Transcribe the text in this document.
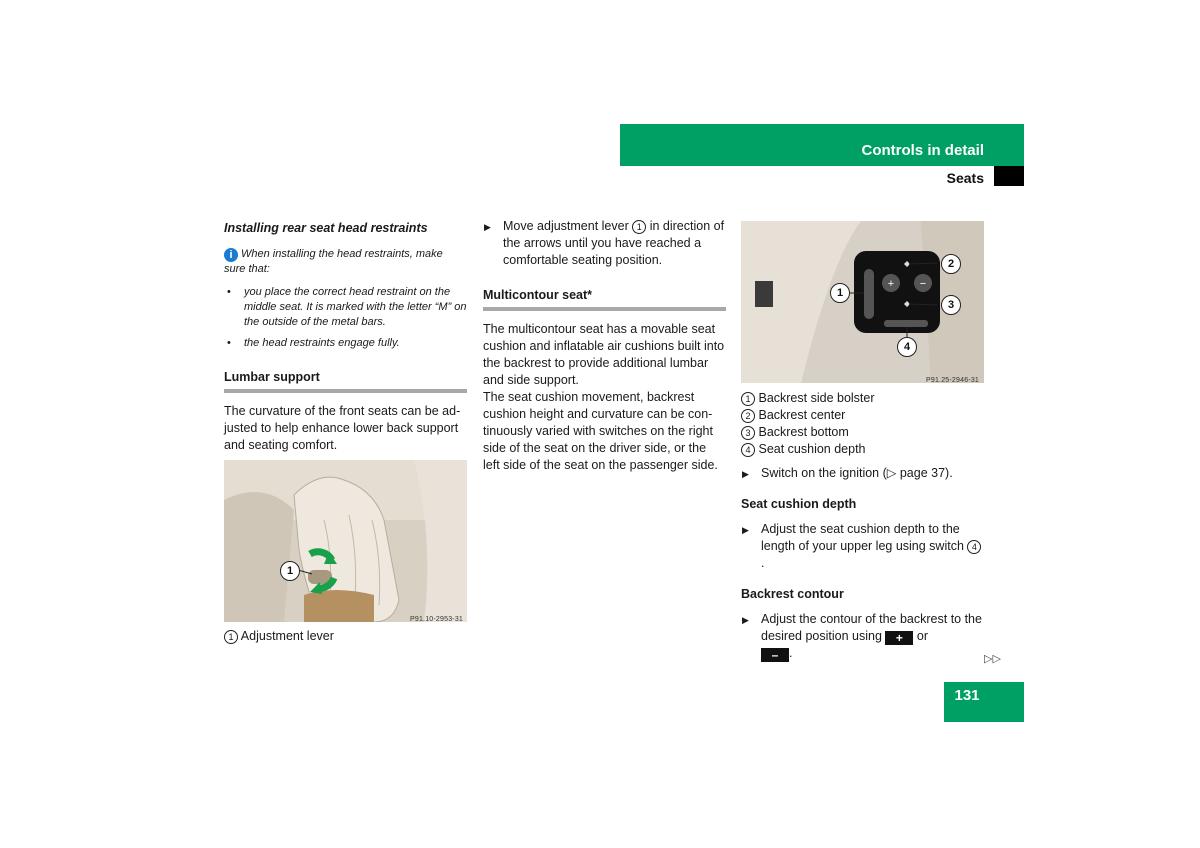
Controls in detail
Seats
Installing rear seat head restraints
i When installing the head restraints, make sure that:
• you place the correct head restraint on the middle seat. It is marked with the letter “M” on the outside of the metal bars.
• the head restraints engage fully.
Lumbar support

The curvature of the front seats can be adjusted to help enhance lower back support and seating comfort.

1
P91.10-2953-31

1 Adjustment lever

▶ Move adjustment lever 1 in direction of the arrows until you have reached a comfortable seating position.

Multicontour seat*

The multicontour seat has a movable seat cushion and inflatable air cushions built into the backrest to provide additional lumbar and side support.

The seat cushion movement, backrest cushion height and curvature can be continuously varied with switches on the right side of the seat on the driver side, or the left side of the seat on the passenger side.

+ −
1
2
3
4
P91.25-2946-31

1 Backrest side bolster

2 Backrest center

3 Backrest bottom

4 Seat cushion depth

▶ Switch on the ignition (▷ page 37).

Seat cushion depth

▶ Adjust the seat cushion depth to the length of your upper leg using switch 4.

Backrest contour

▶ Adjust the contour of the backrest to the desired position using + or
– .	▷▷
131
